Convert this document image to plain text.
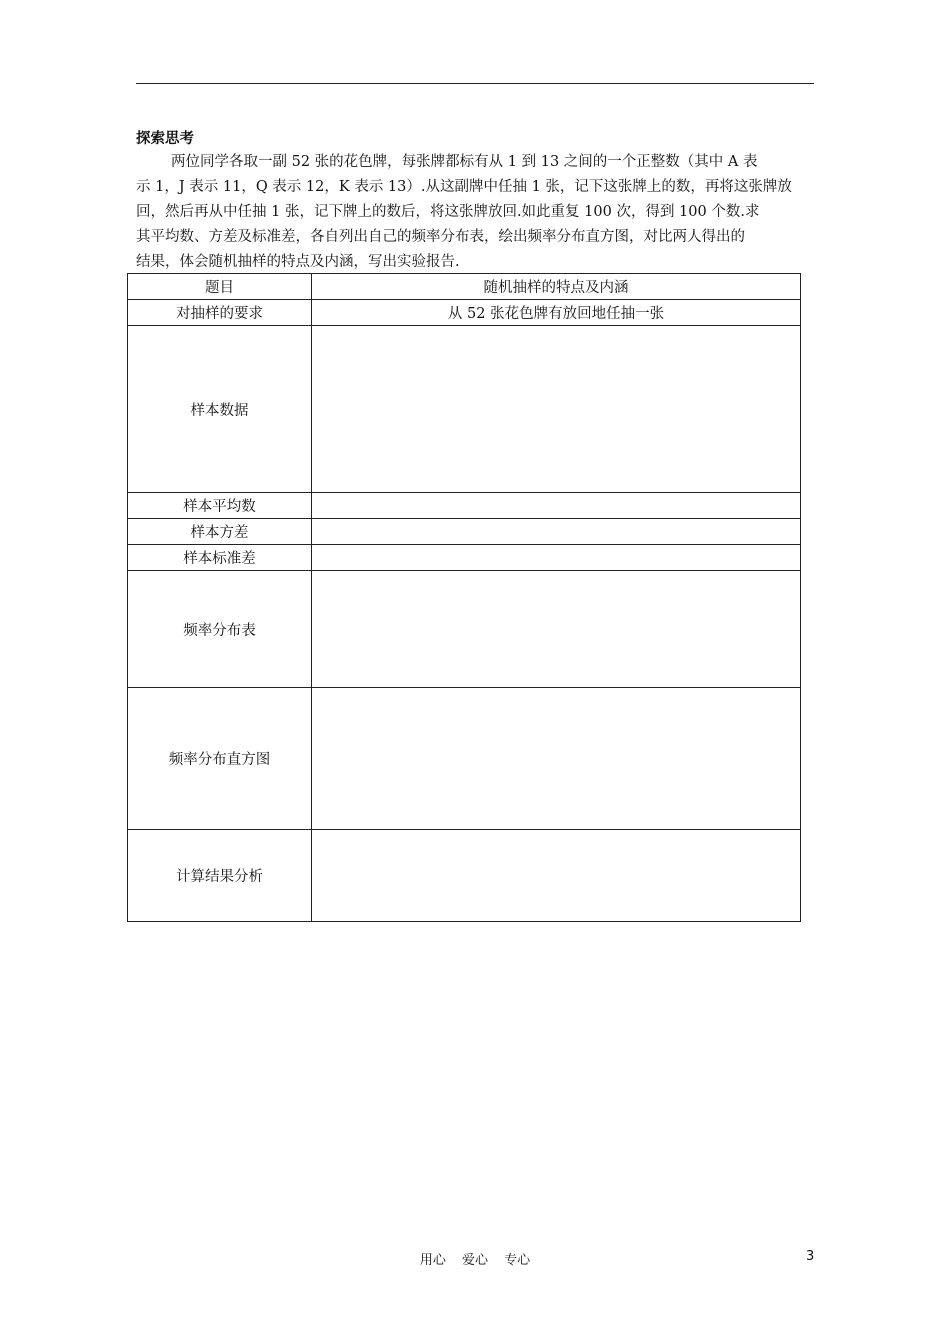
探索思考
两位同学各取一副 52 张的花色牌，每张牌都标有从 1 到 13 之间的一个正整数（其中 A 表
示 1，J 表示 11，Q 表示 12，K 表示 13）.从这副牌中任抽 1 张，记下这张牌上的数，再将这张牌放
回，然后再从中任抽 1 张，记下牌上的数后，将这张牌放回.如此重复 100 次，得到 100 个数.求
其平均数、方差及标准差，各自列出自己的频率分布表，绘出频率分布直方图，对比两人得出的
结果，体会随机抽样的特点及内涵，写出实验报告.
题目	随机抽样的特点及内涵
对抽样的要求	从 52 张花色牌有放回地任抽一张
样本数据	
样本平均数	
样本方差	
样本标准差	
频率分布表	
频率分布直方图	
计算结果分析	
用心 爱心 专心	3
